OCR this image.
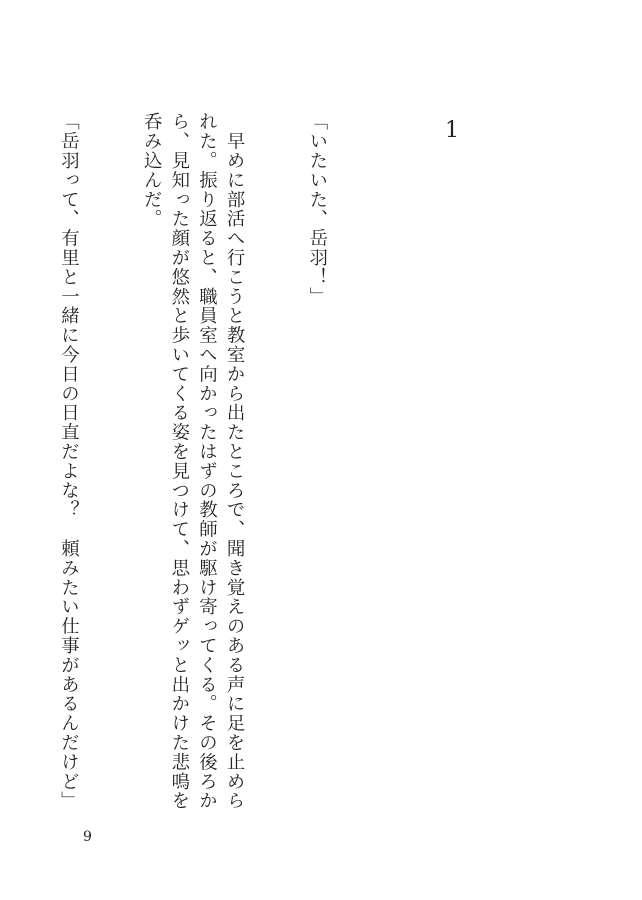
1

「いたいた、岳羽！」

　早めに部活へ行こうと教室から出たところで、聞き覚えのある声に足を止められた。振り返ると、職員室へ向かったはずの教師が駆け寄ってくる。その後ろから、見知った顔が悠然と歩いてくる姿を見つけて、思わずゲッと出かけた悲鳴を呑み込んだ。

「岳羽って、有里と一緒に今日の日直だよな？　頼みたい仕事があるんだけど」

9
